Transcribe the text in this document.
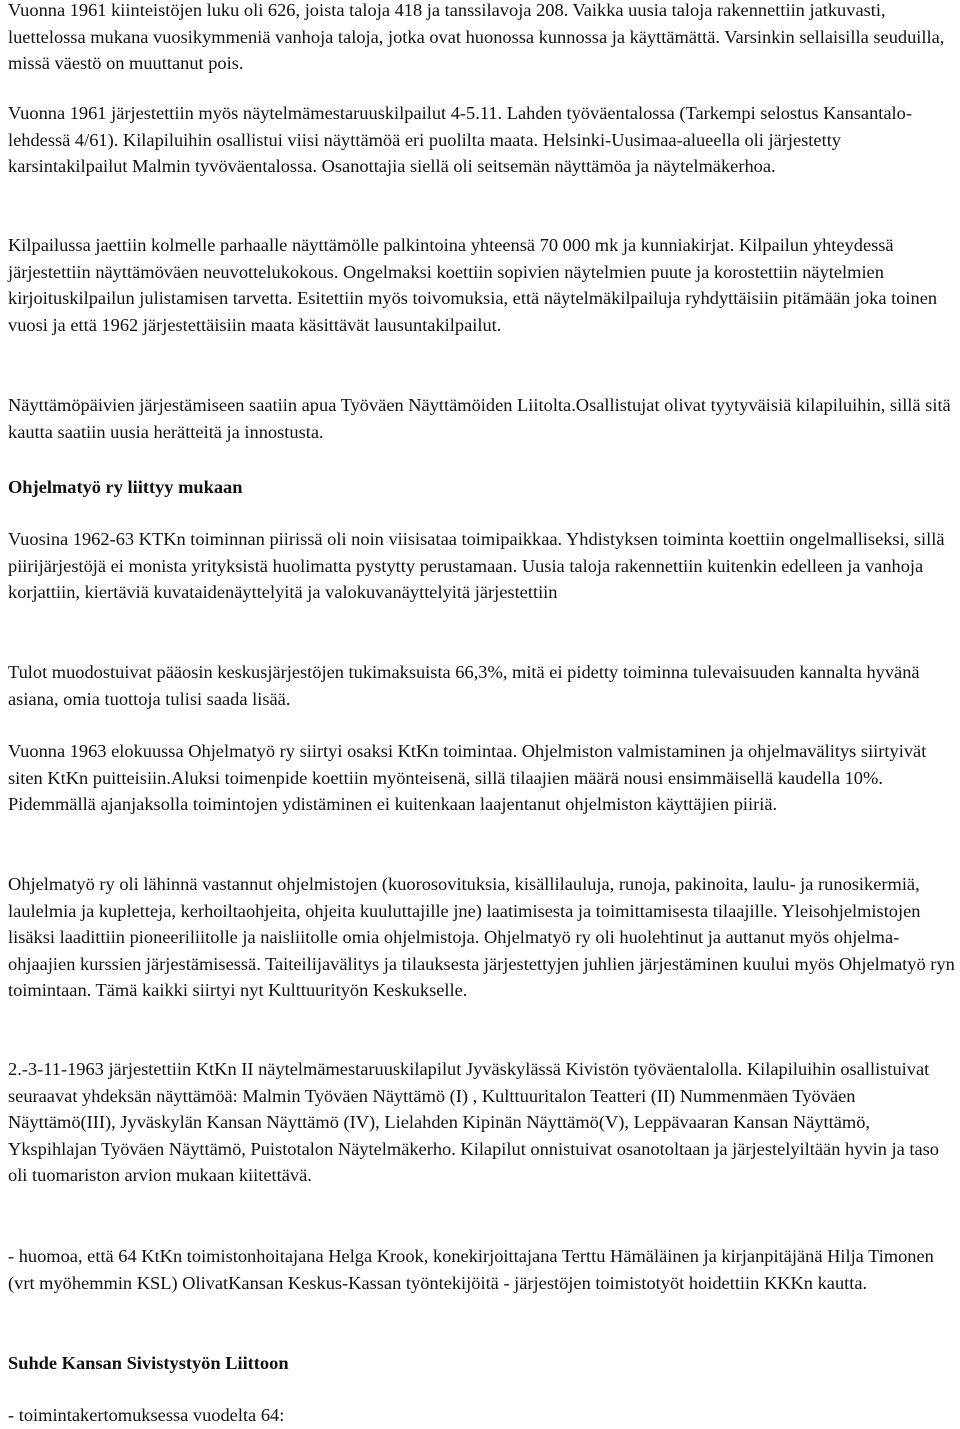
Vuonna 1961 kiinteistöjen luku oli 626, joista taloja 418 ja tanssilavoja 208. Vaikka uusia taloja rakennettiin jatkuvasti, luettelossa mukana vuosikymmeniä vanhoja taloja, jotka ovat huonossa kunnossa ja käyttämättä. Varsinkin sellaisilla seuduilla, missä väestö on muuttanut pois.

Vuonna 1961 järjestettiin myös näytelmämestaruuskilpailut 4-5.11. Lahden työväentalossa (Tarkempi selostus Kansantalo-lehdessä 4/61). Kilapiluihin osallistui viisi näyttämöä eri puolilta maata. Helsinki-Uusimaa-alueella oli järjestetty karsintakilpailut Malmin tyvöväentalossa. Osanottajia siellä oli seitsemän näyttämöa ja näytelmäkerhoa.

Kilpailussa jaettiin kolmelle parhaalle näyttämölle palkintoina yhteensä 70 000 mk ja kunniakirjat. Kilpailun yhteydessä järjestettiin näyttämöväen neuvottelukokous. Ongelmaksi koettiin sopivien näytelmien puute ja korostettiin näytelmien kirjoituskilpailun julistamisen tarvetta. Esitettiin myös toivomuksia, että näytelmäkilpailuja ryhdyttäisiin pitämään joka toinen vuosi ja että 1962 järjestettäisiin maata käsittävät lausuntakilpailut.

Näyttämöpäivien järjestämiseen saatiin apua Työväen Näyttämöiden Liitolta.Osallistujat olivat tyytyväisiä kilapiluihin, sillä sitä kautta saatiin uusia herätteitä ja innostusta.

Ohjelmatyö ry liittyy mukaan

Vuosina 1962-63 KTKn toiminnan piirissä oli noin viisisataa toimipaikkaa. Yhdistyksen toiminta koettiin ongelmalliseksi, sillä piirijärjestöjä ei monista yrityksistä huolimatta pystytty perustamaan. Uusia taloja rakennettiin kuitenkin edelleen ja vanhoja korjattiin, kiertäviä kuvataidenäyttelyitä ja valokuvanäyttelyitä järjestettiin

Tulot muodostuivat pääosin keskusjärjestöjen tukimaksuista 66,3%, mitä ei pidetty toiminna tulevaisuuden kannalta hyvänä asiana, omia tuottoja tulisi saada lisää.

Vuonna 1963 elokuussa Ohjelmatyö ry siirtyi osaksi KtKn toimintaa. Ohjelmiston valmistaminen ja ohjelmavälitys siirtyivät siten KtKn puitteisiin.Aluksi toimenpide koettiin myönteisenä, sillä tilaajien määrä nousi ensimmäisellä kaudella 10%. Pidemmällä ajanjaksolla toimintojen ydistäminen ei kuitenkaan laajentanut ohjelmiston käyttäjien piiriä.

Ohjelmatyö ry oli lähinnä vastannut ohjelmistojen (kuorosovituksia, kisällilauluja, runoja, pakinoita, laulu- ja runosikermiä, laulelmia ja kupletteja, kerhoiltaohjeita, ohjeita kuuluttajille jne) laatimisesta ja toimittamisesta tilaajille. Yleisohjelmistojen lisäksi laadittiin pioneeriliitolle ja naisliitolle omia ohjelmistoja. Ohjelmatyö ry oli huolehtinut ja auttanut myös ohjelma-ohjaajien kurssien järjestämisessä. Taiteilijavälitys ja tilauksesta järjestettyjen juhlien järjestäminen kuului myös Ohjelmatyö ryn toimintaan. Tämä kaikki siirtyi nyt Kulttuurityön Keskukselle.

2.-3-11-1963 järjestettiin KtKn II näytelmämestaruuskilapilut Jyväskylässä Kivistön työväentalolla. Kilapiluihin osallistuivat seuraavat yhdeksän näyttämöä: Malmin Työväen Näyttämö (I) , Kulttuuritalon Teatteri (II) Nummenmäen Työväen Näyttämö(III), Jyväskylän Kansan Näyttämö (IV), Lielahden Kipinän Näyttämö(V), Leppävaaran Kansan Näyttämö, Ykspihlajan Työväen Näyttämö, Puistotalon Näytelmäkerho. Kilapilut onnistuivat osanotoltaan ja järjestelyiltään hyvin ja taso oli tuomariston arvion mukaan kiitettävä.

- huomoa, että 64 KtKn toimistonhoitajana Helga Krook, konekirjoittajana Terttu Hämäläinen ja kirjanpitäjänä Hilja Timonen (vrt myöhemmin KSL) OlivatKansan Keskus-Kassan työntekijöitä - järjestöjen toimistotyöt hoidettiin KKKn kautta.

Suhde Kansan Sivistystyön Liittoon

- toimintakertomuksessa vuodelta 64:
